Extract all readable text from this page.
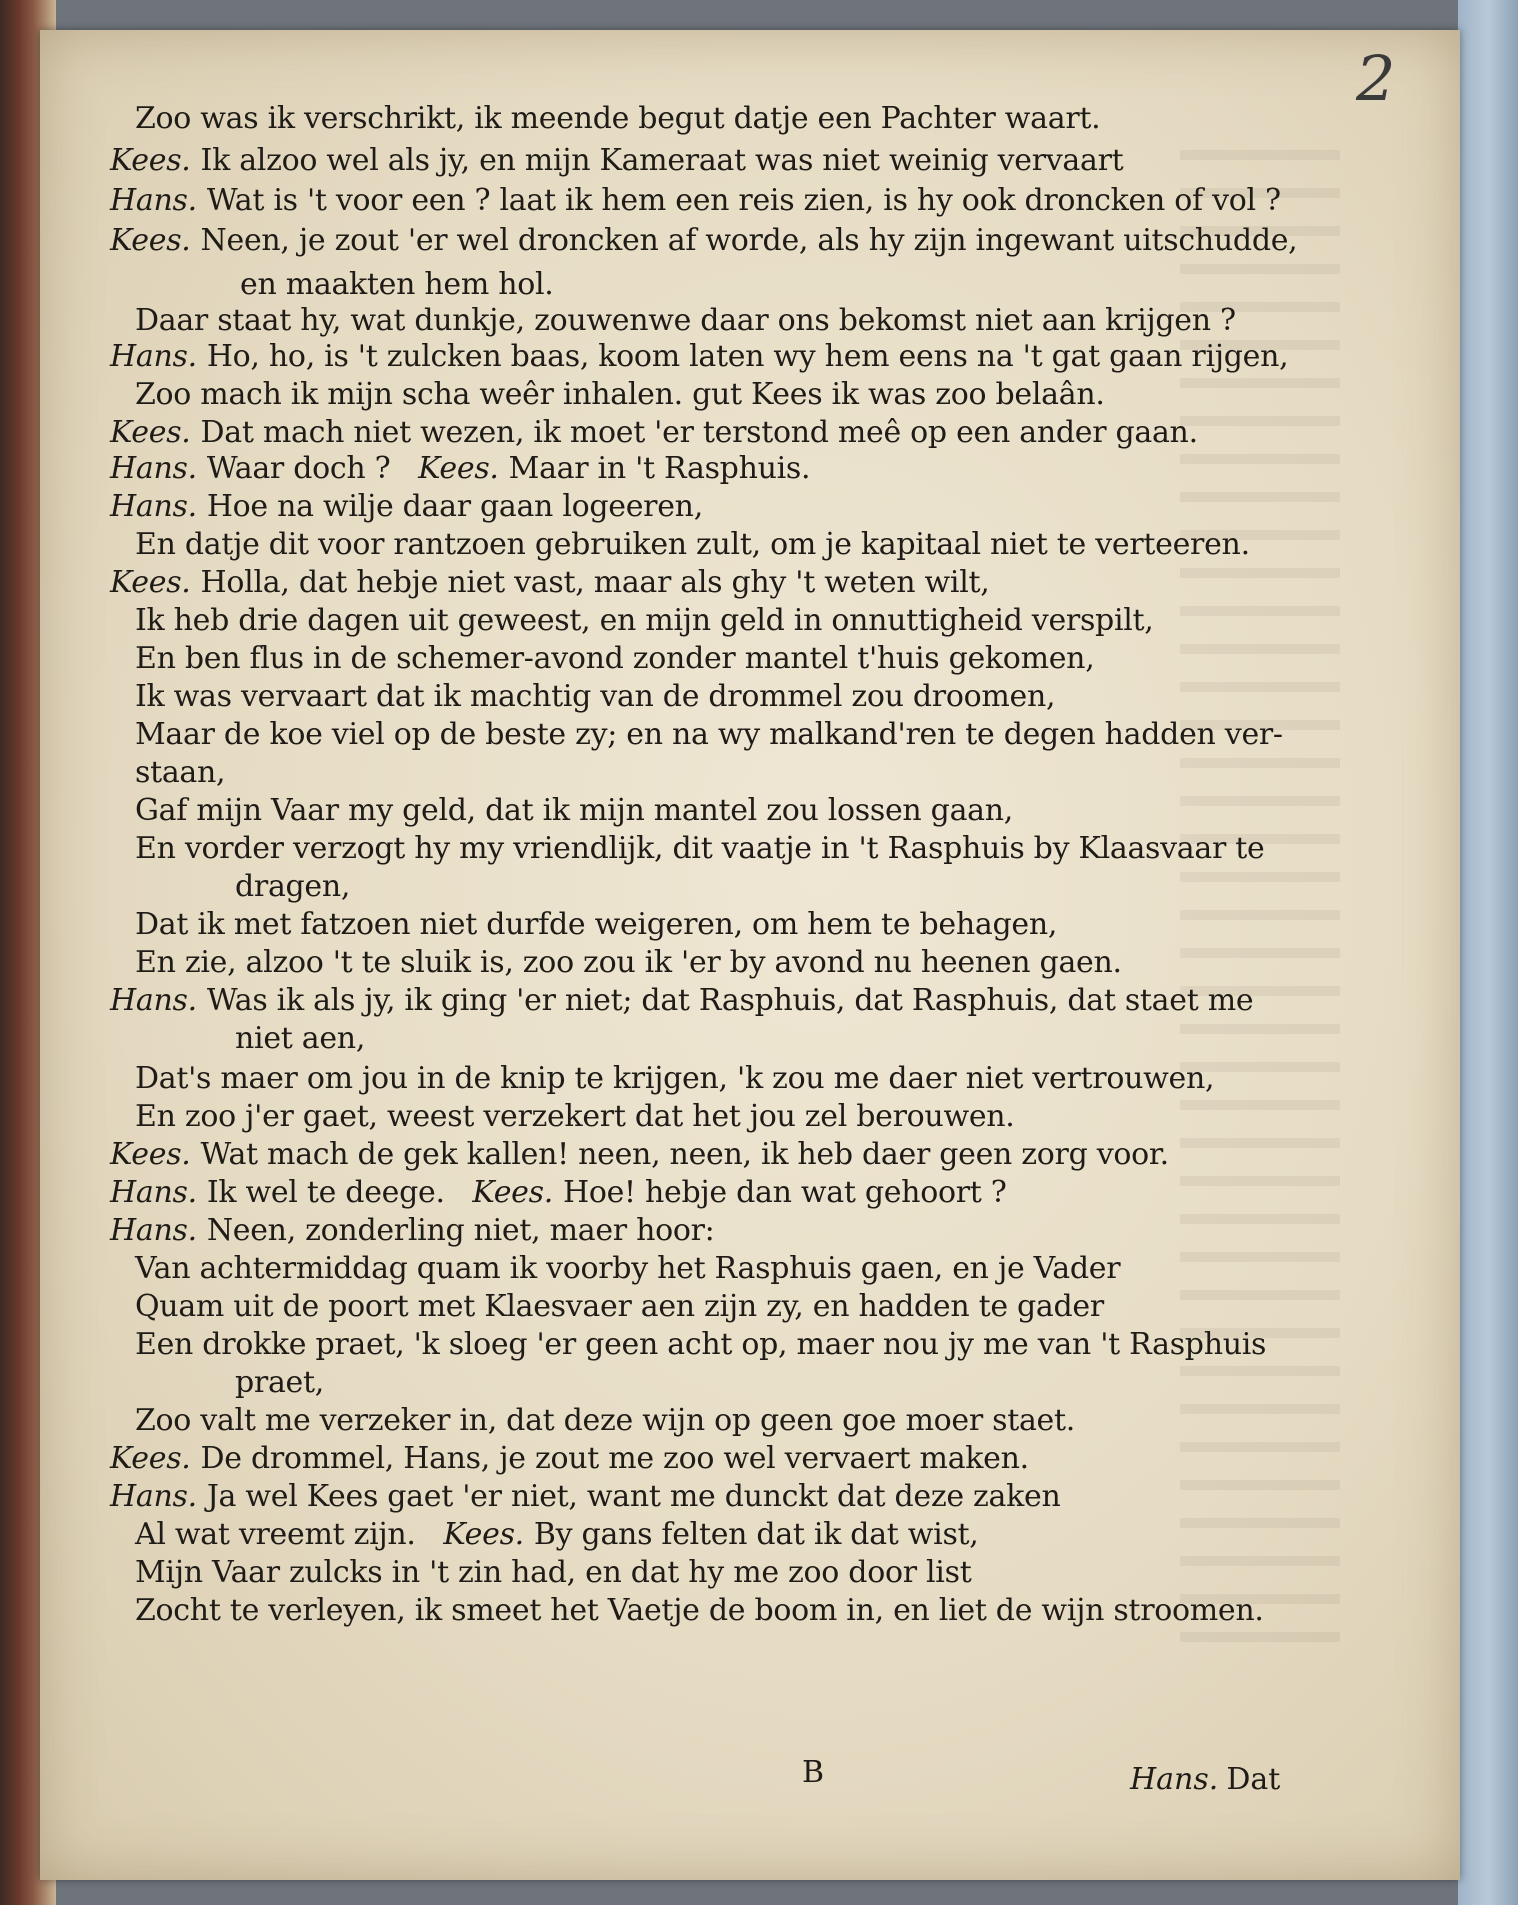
2
Zoo was ik verschrikt, ik meende begut datje een Pachter waart.
Kees. Ik alzoo wel als jy, en mijn Kameraat was niet weinig vervaart
Hans. Wat is 't voor een ? laat ik hem een reis zien, is hy ook droncken of vol ?
Kees. Neen, je zout 'er wel droncken af worde, als hy zijn ingewant uitschudde,
en maakten hem hol.
Daar staat hy, wat dunkje, zouwenwe daar ons bekomst niet aan krijgen ?
Hans. Ho, ho, is 't zulcken baas, koom laten wy hem eens na 't gat gaan rijgen,
Zoo mach ik mijn scha weêr inhalen. gut Kees ik was zoo belaân.
Kees. Dat mach niet wezen, ik moet 'er terstond meê op een ander gaan.
Hans. Waar doch ? Kees. Maar in 't Rasphuis.
Hans. Hoe na wilje daar gaan logeeren,
En datje dit voor rantzoen gebruiken zult, om je kapitaal niet te verteeren.
Kees. Holla, dat hebje niet vast, maar als ghy 't weten wilt,
Ik heb drie dagen uit geweest, en mijn geld in onnuttigheid verspilt,
En ben flus in de schemer-avond zonder mantel t'huis gekomen,
Ik was vervaart dat ik machtig van de drommel zou droomen,
Maar de koe viel op de beste zy; en na wy malkand'ren te degen hadden ver-
staan,
Gaf mijn Vaar my geld, dat ik mijn mantel zou lossen gaan,
En vorder verzogt hy my vriendlijk, dit vaatje in 't Rasphuis by Klaasvaar te
dragen,
Dat ik met fatzoen niet durfde weigeren, om hem te behagen,
En zie, alzoo 't te sluik is, zoo zou ik 'er by avond nu heenen gaen.
Hans. Was ik als jy, ik ging 'er niet; dat Rasphuis, dat Rasphuis, dat staet me
niet aen,
Dat's maer om jou in de knip te krijgen, 'k zou me daer niet vertrouwen,
En zoo j'er gaet, weest verzekert dat het jou zel berouwen.
Kees. Wat mach de gek kallen! neen, neen, ik heb daer geen zorg voor.
Hans. Ik wel te deege. Kees. Hoe! hebje dan wat gehoort ?
Hans. Neen, zonderling niet, maer hoor:
Van achtermiddag quam ik voorby het Rasphuis gaen, en je Vader
Quam uit de poort met Klaesvaer aen zijn zy, en hadden te gader
Een drokke praet, 'k sloeg 'er geen acht op, maer nou jy me van 't Rasphuis
praet,
Zoo valt me verzeker in, dat deze wijn op geen goe moer staet.
Kees. De drommel, Hans, je zout me zoo wel vervaert maken.
Hans. Ja wel Kees gaet 'er niet, want me dunckt dat deze zaken
Al wat vreemt zijn. Kees. By gans felten dat ik dat wist,
Mijn Vaar zulcks in 't zin had, en dat hy me zoo door list
Zocht te verleyen, ik smeet het Vaetje de boom in, en liet de wijn stroomen.
B	Hans. Dat
